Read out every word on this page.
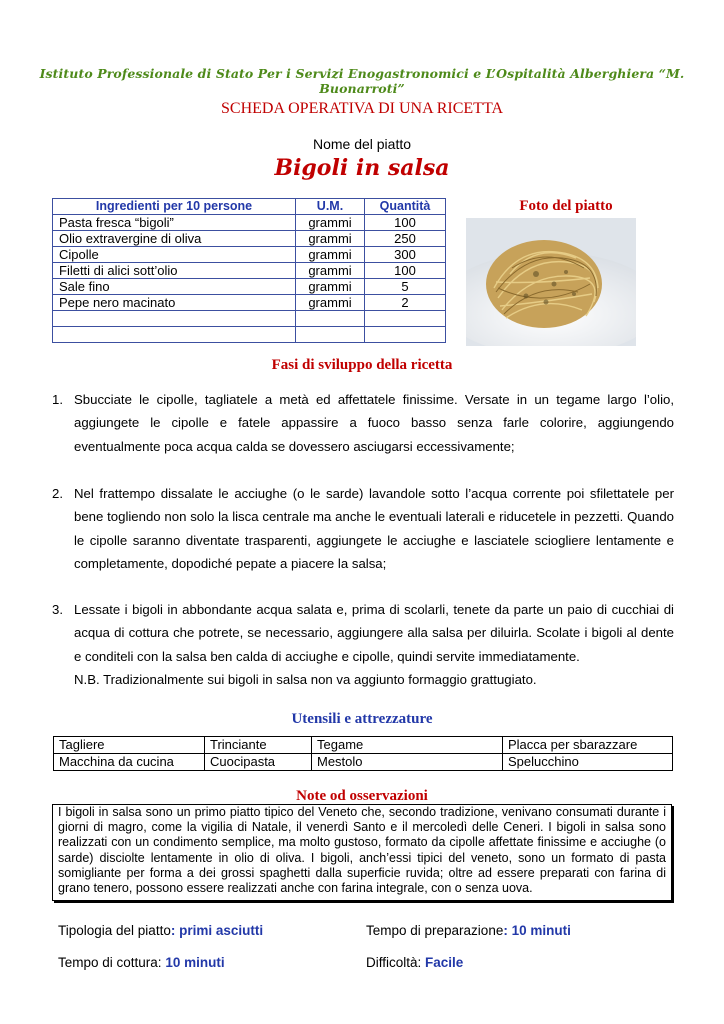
Istituto Professionale di Stato Per i Servizi Enogastronomici e L’Ospitalità Alberghiera “M. Buonarroti”
SCHEDA OPERATIVA DI UNA RICETTA
Nome del piatto
Bigoli in salsa
Ingredienti per 10 persone	U.M.	Quantità
Pasta fresca “bigoli”	grammi	100
Olio extravergine di oliva	grammi	250
Cipolle	grammi	300
Filetti di alici sott’olio	grammi	100
Sale fino	grammi	5
Pepe nero macinato	grammi	2

Foto del piatto
Fasi di sviluppo della ricetta
1. Sbucciate le cipolle, tagliatele a metà ed affettatele finissime. Versate in un tegame largo l’olio, aggiungete le cipolle e fatele appassire a fuoco basso senza farle colorire, aggiungendo eventualmente poca acqua calda se dovessero asciugarsi eccessivamente;
2. Nel frattempo dissalate le acciughe (o le sarde) lavandole sotto l’acqua corrente poi sfilettatele per bene togliendo non solo la lisca centrale ma anche le eventuali laterali e riducetele in pezzetti. Quando le cipolle saranno diventate trasparenti, aggiungete le acciughe e lasciatele sciogliere lentamente e completamente, dopodiché pepate a piacere la salsa;
3. Lessate i bigoli in abbondante acqua salata e, prima di scolarli, tenete da parte un paio di cucchiai di acqua di cottura che potrete, se necessario, aggiungere alla salsa per diluirla. Scolate i bigoli al dente e conditeli con la salsa ben calda di acciughe e cipolle, quindi servite immediatamente.
N.B. Tradizionalmente sui bigoli in salsa non va aggiunto formaggio grattugiato.
Utensili e attrezzature
Tagliere	Trinciante	Tegame	Placca per sbarazzare
Macchina da cucina	Cuocipasta	Mestolo	Spelucchino
Note od osservazioni
I bigoli in salsa sono un primo piatto tipico del Veneto che, secondo tradizione, venivano consumati durante i giorni di magro, come la vigilia di Natale, il venerdì Santo e il mercoledì delle Ceneri. I bigoli in salsa sono realizzati con un condimento semplice, ma molto gustoso, formato da cipolle affettate finissime e acciughe (o sarde) disciolte lentamente in olio di oliva. I bigoli, anch’essi tipici del veneto, sono un formato di pasta somigliante per forma a dei grossi spaghetti dalla superficie ruvida; oltre ad essere preparati con farina di grano tenero, possono essere realizzati anche con farina integrale, con o senza uova.
Tipologia del piatto: primi asciutti	Tempo di preparazione: 10 minuti
Tempo di cottura: 10 minuti	Difficoltà: Facile
